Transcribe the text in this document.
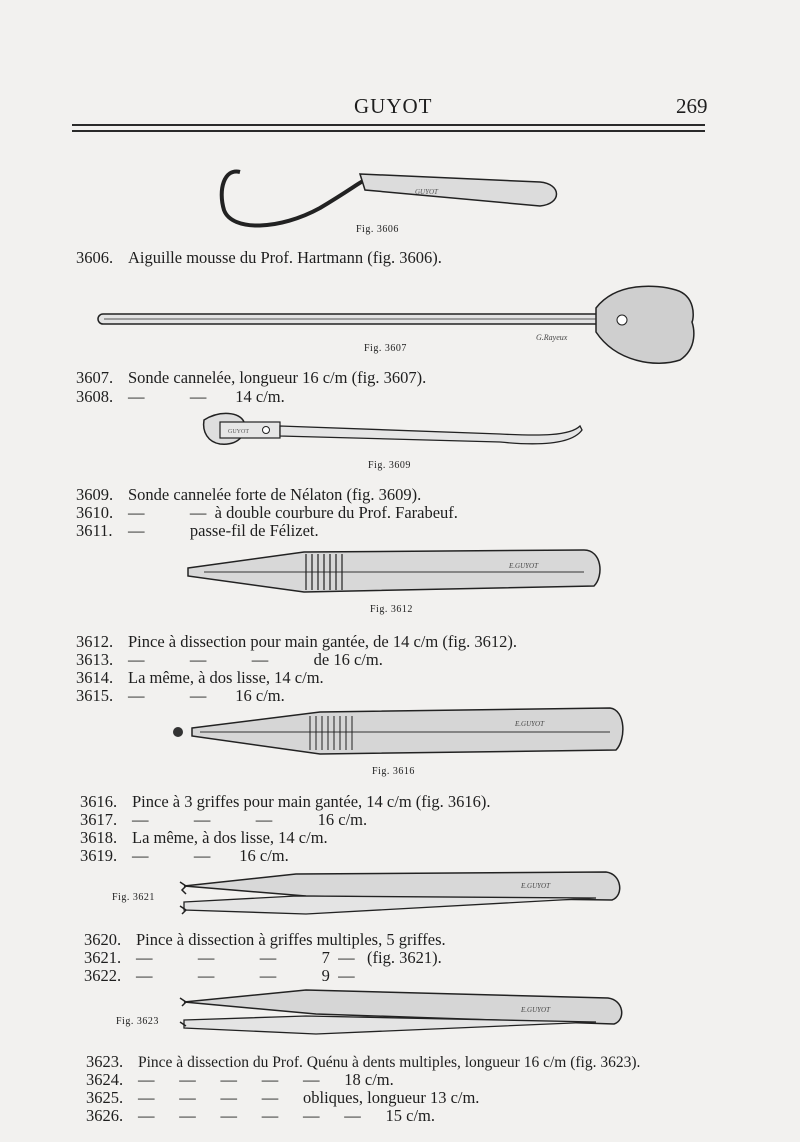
GUYOT	269
GUYOT
Fig. 3606
3606. Aiguille mousse du Prof. Hartmann (fig. 3606).
G.Rayeux
Fig. 3607
3607. Sonde cannelée, longueur 16 c/m (fig. 3607).
3608. —           —       14 c/m.
GUYOT
Fig. 3609
3609. Sonde cannelée forte de Nélaton (fig. 3609).
3610. —           —  à double courbure du Prof. Farabeuf.
3611. —           passe-fil de Félizet.
E.GUYOT
Fig. 3612
3612. Pince à dissection pour main gantée, de 14 c/m (fig. 3612).
3613. —           —           —           de 16 c/m.
3614. La même, à dos lisse, 14 c/m.
3615. —           —       16 c/m.
E.GUYOT
Fig. 3616
3616. Pince à 3 griffes pour main gantée, 14 c/m (fig. 3616).
3617. —           —           —           16 c/m.
3618. La même, à dos lisse, 14 c/m.
3619. —           —       16 c/m.
Fig. 3621
E.GUYOT
3620. Pince à dissection à griffes multiples, 5 griffes.
3621. —           —           —           7  —   (fig. 3621).
3622. —           —           —           9  —
Fig. 3623
E.GUYOT
3623. Pince à dissection du Prof. Quénu à dents multiples, longueur 16 c/m (fig. 3623).
3624. —      —      —      —      —      18 c/m.
3625. —      —      —      —      obliques, longueur 13 c/m.
3626. —      —      —      —      —      —      15 c/m.
